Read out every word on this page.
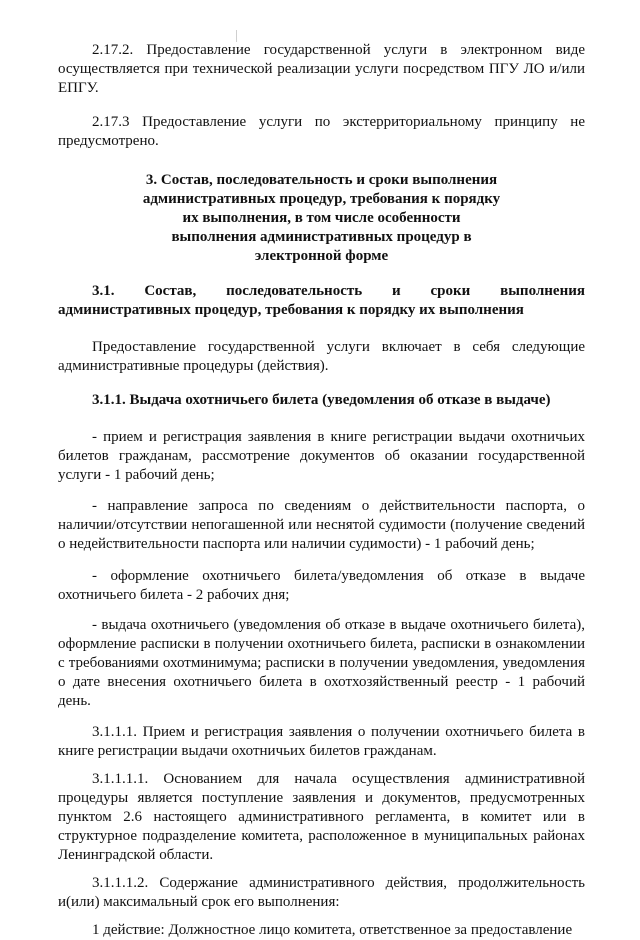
2.17.2. Предоставление государственной услуги в электронном виде осуществляется при технической реализации услуги посредством ПГУ ЛО и/или ЕПГУ.

2.17.3 Предоставление услуги по экстерриториальному принципу не предусмотрено.

3. Состав, последовательность и сроки выполнения административных процедур, требования к порядку их выполнения, в том числе особенности выполнения административных процедур в электронной форме

3.1. Состав, последовательность и сроки выполнения административных процедур, требования к порядку их выполнения

Предоставление государственной услуги включает в себя следующие административные процедуры (действия).

3.1.1. Выдача охотничьего билета (уведомления об отказе в выдаче)

- прием и регистрация заявления в книге регистрации выдачи охотничьих билетов гражданам, рассмотрение документов об оказании государственной услуги - 1 рабочий день;

- направление запроса по сведениям о действительности паспорта, о наличии/отсутствии непогашенной или неснятой судимости (получение сведений о недействительности паспорта или наличии судимости) - 1 рабочий день;

- оформление охотничьего билета/уведомления об отказе в выдаче охотничьего билета - 2 рабочих дня;

- выдача охотничьего (уведомления об отказе в выдаче охотничьего билета), оформление расписки в получении охотничьего билета, расписки в ознакомлении с требованиями охотминимума; расписки в получении уведомления, уведомления о дате внесения охотничьего билета в охотхозяйственный реестр - 1 рабочий день.

3.1.1.1. Прием и регистрация заявления о получении охотничьего билета в книге регистрации выдачи охотничьих билетов гражданам.

3.1.1.1.1. Основанием для начала осуществления административной процедуры является поступление заявления и документов, предусмотренных пунктом 2.6 настоящего административного регламента, в комитет или в структурное подразделение комитета, расположенное в муниципальных районах Ленинградской области.

3.1.1.1.2. Содержание административного действия, продолжительность и(или) максимальный срок его выполнения:

1 действие: Должностное лицо комитета, ответственное за предоставление
